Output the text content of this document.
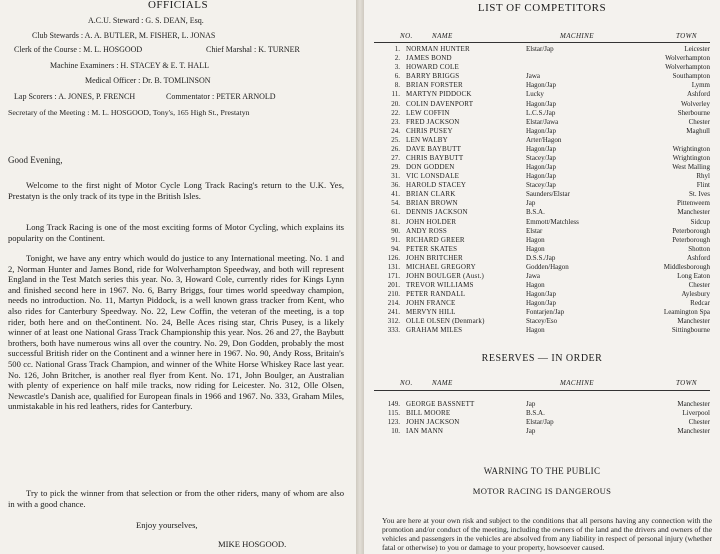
OFFICIALS
A.C.U. Steward : G. S. DEAN, Esq.
Club Stewards : A. A. BUTLER, M. FISHER, L. JONAS
Clerk of the Course : M. L. HOSGOOD	Chief Marshal : K. TURNER
Machine Examiners : H. STACEY & E. T. HALL
Medical Officer : Dr. B. TOMLINSON
Lap Scorers : A. JONES, P. FRENCH	Commentator : PETER ARNOLD
Secretary of the Meeting : M. L. HOSGOOD, Tony's, 165 High St., Prestatyn
Good Evening,

Welcome to the first night of Motor Cycle Long Track Racing's return to the U.K. Yes, Prestatyn is the only track of its type in the British Isles.

Long Track Racing is one of the most exciting forms of Motor Cycling, which explains its popularity on the Continent.

Tonight, we have any entry which would do justice to any International meeting. No. 1 and 2, Norman Hunter and James Bond, ride for Wolverhampton Speedway, and both will represent England in the Test Match series this year. No. 3, Howard Cole, currently rides for Kings Lynn and finished second here in 1967. No. 6, Barry Briggs, four times world speedway champion, needs no introduction. No. 11, Martyn Piddock, is a well known grass tracker from Kent, who also rides for Canterbury Speedway. No. 22, Lew Coffin, the veteran of the meeting, is a top rider, both here and on theContinent. No. 24, Belle Aces rising star, Chris Pusey, is a likely winner of at least one National Grass Track Championship this year. Nos. 26 and 27, the Baybutt brothers, both have numerous wins all over the country. No. 29, Don Godden, probably the most successful British rider on the Continent and a winner here in 1967. No. 90, Andy Ross, Britain's 500 cc. National Grass Track Champion, and winner of the White Horse Whiskey Race last year. No. 126, John Britcher, is another real flyer from Kent. No. 171, John Boulger, an Australian with plenty of experience on half mile tracks, now riding for Leicester. No. 312, Olle Olsen, Newcastle's Danish ace, qualified for European finals in 1966 and 1967. No. 333, Graham Miles, unmistakable in his red leathers, rides for Canterbury.

Try to pick the winner from that selection or from the other riders, many of whom are also in with a good chance.

Enjoy yourselves,
MIKE HOSGOOD.
LIST OF COMPETITORS
NO.	NAME	MACHINE	TOWN
1.	NORMAN HUNTER	Elstar/Jap	Leicester
2.	JAMES BOND		Wolverhampton
3.	HOWARD COLE		Wolverhampton
6.	BARRY BRIGGS	Jawa	Southampton
8.	BRIAN FORSTER	Hagon/Jap	Lymm
11.	MARTYN PIDDOCK	Lucky	Ashford
20.	COLIN DAVENPORT	Hagon/Jap	Wolverley
22.	LEW COFFIN	L.C.S./Jap	Sherbourne
23.	FRED JACKSON	Elstar/Jawa	Chester
24.	CHRIS PUSEY	Hagon/Jap	Maghull
25.	LEN WALBY	Arter/Hagon	
26.	DAVE BAYBUTT	Hagon/Jap	Wrightington
27.	CHRIS BAYBUTT	Stacey/Jap	Wrightington
29.	DON GODDEN	Hagon/Jap	West Malling
31.	VIC LONSDALE	Hagon/Jap	Rhyl
36.	HAROLD STACEY	Stacey/Jap	Flint
41.	BRIAN CLARK	Saunders/Elstar	St. Ives
54.	BRIAN BROWN	Jap	Pittenweem
61.	DENNIS JACKSON	B.S.A.	Manchester
81.	JOHN HOLDER	Emmott/Matchless	Sidcup
90.	ANDY ROSS	Elstar	Peterborough
91.	RICHARD GREER	Hagon	Peterborough
94.	PETER SKATES	Hagon	Shotton
126.	JOHN BRITCHER	D.S.S./Jap	Ashford
131.	MICHAEL GREGORY	Godden/Hagon	Middlesborough
171.	JOHN BOULGER (Aust.)	Jawa	Long Eaton
201.	TREVOR WILLIAMS	Hagon	Chester
210.	PETER RANDALL	Hagon/Jap	Aylesbury
214.	JOHN FRANCE	Hagon/Jap	Redcar
241.	MERVYN HILL	Fontarjen/Jap	Leamington Spa
312.	OLLE OLSEN (Denmark)	Stacey/Eso	Manchester
333.	GRAHAM MILES	Hagon	Sittingbourne
RESERVES — IN ORDER
NO.	NAME	MACHINE	TOWN
149.	GEORGE BASSNETT	Jap	Manchester
115.	BILL MOORE	B.S.A.	Liverpool
123.	JOHN JACKSON	Elstar/Jap	Chester
10.	IAN MANN	Jap	Manchester
WARNING TO THE PUBLIC
MOTOR RACING IS DANGEROUS

You are here at your own risk and subject to the conditions that all persons having any connection with the promotion and/or conduct of the meeting, including the owners of the land and the drivers and owners of the vehicles and passengers in the vehicles are absolved from any liability in respect of personal injury (whether fatal or otherwise) to you or damage to your property, howsoever caused.
